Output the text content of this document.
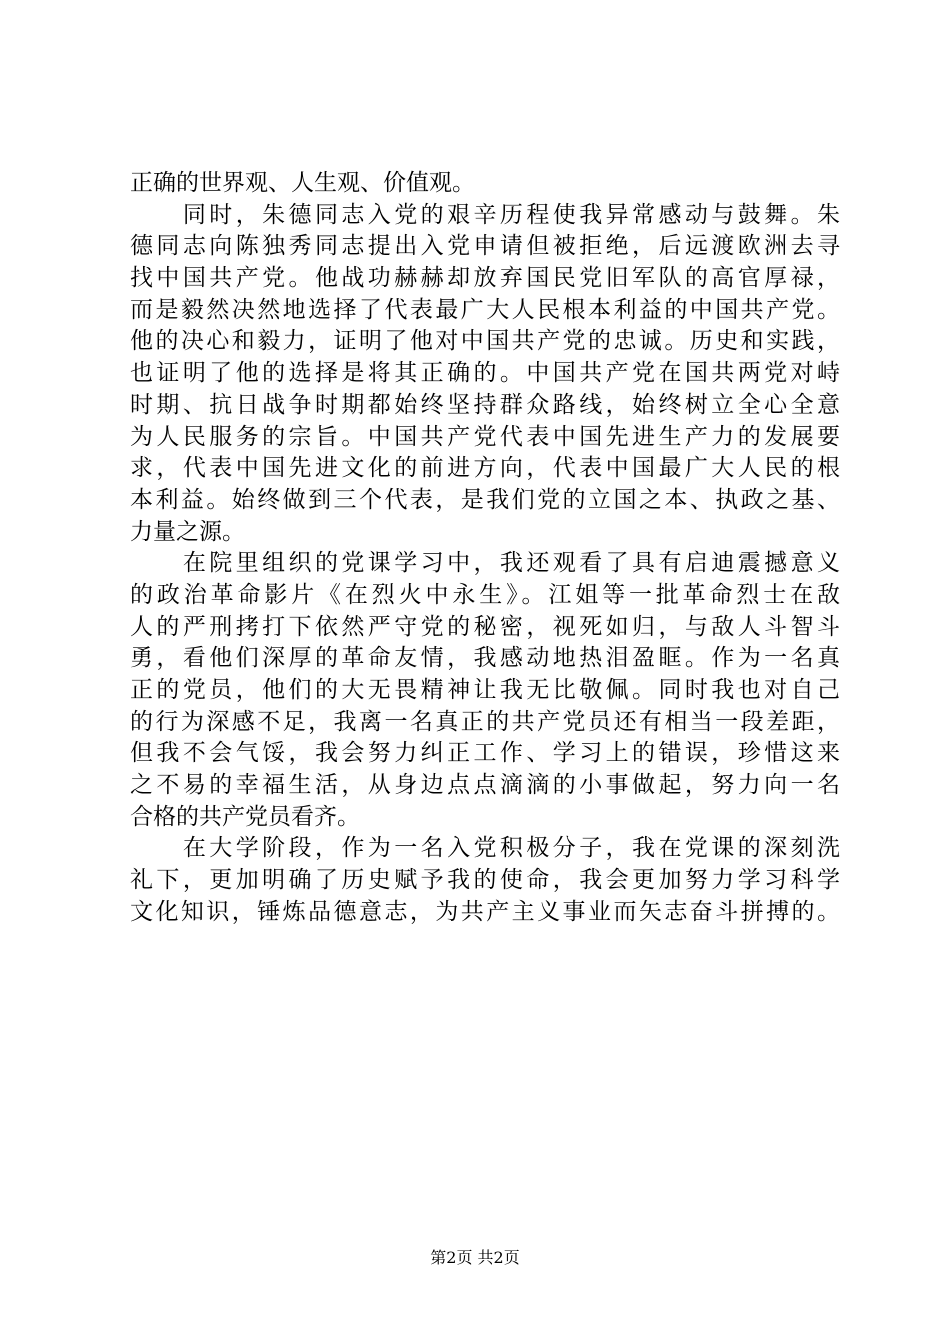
正确的世界观、人生观、价值观。
　　同时，朱德同志入党的艰辛历程使我异常感动与鼓舞。朱
德同志向陈独秀同志提出入党申请但被拒绝，后远渡欧洲去寻
找中国共产党。他战功赫赫却放弃国民党旧军队的高官厚禄，
而是毅然决然地选择了代表最广大人民根本利益的中国共产党。
他的决心和毅力，证明了他对中国共产党的忠诚。历史和实践，
也证明了他的选择是将其正确的。中国共产党在国共两党对峙
时期、抗日战争时期都始终坚持群众路线，始终树立全心全意
为人民服务的宗旨。中国共产党代表中国先进生产力的发展要
求，代表中国先进文化的前进方向，代表中国最广大人民的根
本利益。始终做到三个代表，是我们党的立国之本、执政之基、
力量之源。
　　在院里组织的党课学习中，我还观看了具有启迪震撼意义
的政治革命影片《在烈火中永生》。江姐等一批革命烈士在敌
人的严刑拷打下依然严守党的秘密，视死如归，与敌人斗智斗
勇，看他们深厚的革命友情，我感动地热泪盈眶。作为一名真
正的党员，他们的大无畏精神让我无比敬佩。同时我也对自己
的行为深感不足，我离一名真正的共产党员还有相当一段差距，
但我不会气馁，我会努力纠正工作、学习上的错误，珍惜这来
之不易的幸福生活，从身边点点滴滴的小事做起，努力向一名
合格的共产党员看齐。
　　在大学阶段，作为一名入党积极分子，我在党课的深刻洗
礼下，更加明确了历史赋予我的使命，我会更加努力学习科学
文化知识，锤炼品德意志，为共产主义事业而矢志奋斗拼搏的。
第2页 共2页
